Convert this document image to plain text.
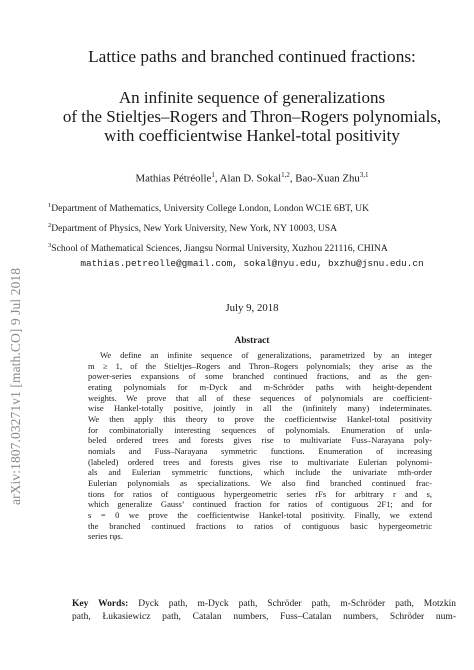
arXiv:1807.03271v1 [math.CO] 9 Jul 2018
Lattice paths and branched continued fractions:
An infinite sequence of generalizations
of the Stieltjes–Rogers and Thron–Rogers polynomials,
with coefficientwise Hankel-total positivity
Mathias Pétréolle$^1$, Alan D. Sokal$^{1,2}$, Bao-Xuan Zhu$^{3,1}$
$^1$Department of Mathematics, University College London, London WC1E 6BT, UK
$^2$Department of Physics, New York University, New York, NY 10003, USA
$^3$School of Mathematical Sciences, Jiangsu Normal University, Xuzhou 221116, CHINA
mathias.petreolle@gmail.com, sokal@nyu.edu, bxzhu@jsnu.edu.cn
July 9, 2018
Abstract
We define an infinite sequence of generalizations, parametrized by an integer
m ≥ 1, of the Stieltjes–Rogers and Thron–Rogers polynomials; they arise as the
power-series expansions of some branched continued fractions, and as the gen-
erating polynomials for m-Dyck and m-Schröder paths with height-dependent
weights. We prove that all of these sequences of polynomials are coefficient-
wise Hankel-totally positive, jointly in all the (infinitely many) indeterminates.
We then apply this theory to prove the coefficientwise Hankel-total positivity
for combinatorially interesting sequences of polynomials. Enumeration of unla-
beled ordered trees and forests gives rise to multivariate Fuss–Narayana poly-
nomials and Fuss–Narayana symmetric functions. Enumeration of increasing
(labeled) ordered trees and forests gives rise to multivariate Eulerian polynomi-
als and Eulerian symmetric functions, which include the univariate mth-order
Eulerian polynomials as specializations. We also find branched continued frac-
tions for ratios of contiguous hypergeometric series rFs for arbitrary r and s,
which generalize Gauss’ continued fraction for ratios of contiguous 2F1; and for
s = 0 we prove the coefficientwise Hankel-total positivity. Finally, we extend
the branched continued fractions to ratios of contiguous basic hypergeometric
series rφs.
Key Words: Dyck path, m-Dyck path, Schröder path, m-Schröder path, Motzkin
path, Łukasiewicz path, Catalan numbers, Fuss–Catalan numbers, Schröder num-
